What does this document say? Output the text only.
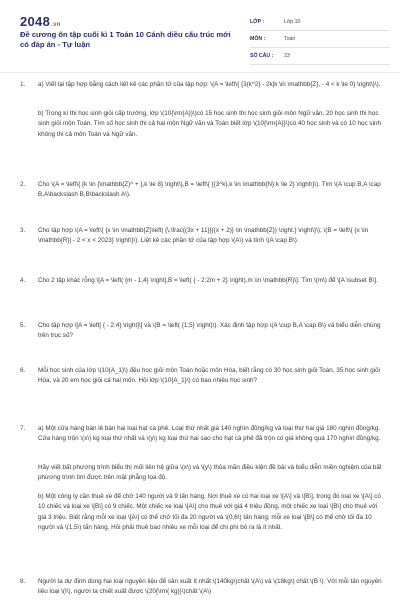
2048.vn
Đề cương ôn tập cuối kì 1 Toán 10 Cánh diều cấu trúc mới có đáp án - Tự luận
LỚP :	Lớp 10
MÔN :	Toán
SỐ CÂU :	23
1. a) Viết lại tập hợp bằng cách liệt kê các phần tử của tập hợp: \(A = \left\{ {3(k^2} - 2k|k \in \mathbb{Z}, - 4 < k \le 0} \right\}\).
b) Trong kì thi học sinh giỏi cấp trường, lớp \(10{\rm{A}}\)có 15 học sinh thi học sinh giỏi môn Ngữ văn, 20 học sinh thi học sinh giỏi môn Toán. Tìm số học sinh thi cả hai môn Ngữ văn và Toán biết lớp \(10{\rm{A}}\)có 40 học sinh và có 10 học sinh không thi cả môn Toán và Ngữ văn.
2. Cho \(A = \left\{ {k \in {\mathbb{Z}^ + },k \le 8} \right\},B = \left\{ {{3^k},k \in \mathbb{N}:k \le 2} \right\}\). Tìm \(A \cup B,A \cap B,A\backslash B,B\backslash A\).
3. Cho tập hợp \(A = \left\{ {x \in \mathbb{Z}\left| {\,\frac{(3x + 11}}{(x + 2)} \in \mathbb{Z}} \right.} \right\}\); \(B = \left\{ {x \in \mathbb{R}| - 2 < x < 2023} \right\}\). Liệt kê các phần tử của tập hợp \(A\) và tính \(A \cap B\).
4. Cho 2 tập khác rỗng \[A = \left( {m - 1;4} \right],B = \left( { - 2;2m + 2} \right),m \in \mathbb{R}\]. Tìm \(m\) để \[A \subset B\].
5. Cho tập hợp \[A = \left[ { - 2;4} \right]\] và \(B = \left( {1;5} \right)\). Xác định tập hợp \(A \cup B,A \cap B\) và biểu diễn chúng trên trục số?
6. Mỗi học sinh của lớp \(10{A_1}\) đều học giỏi môn Toán hoặc môn Hóa, biết rằng có 30 học sinh giỏi Toán, 35 học sinh giỏi Hóa, và 20 em học giỏi cả hai môn. Hỏi lớp \(10{A_1}\) có bao nhiêu học sinh?
7. a) Một cửa hàng bán lẻ bán hai loại hạt cà phê. Loại thứ nhất giá 140 nghìn đồng/kg và loại thứ hai giá 180 nghìn đồng/kg. Cửa hàng trộn \(x\) kg loại thứ nhất và \(y\) kg loại thứ hai sao cho hạt cà phê đã trộn có giá không quá 170 nghìn đồng/kg.
Hãy viết bất phương trình biểu thị mối liên hệ giữa \(x\) và \(y\) thỏa mãn điều kiện đề bài và biểu diễn miền nghiệm của bất phương trình tìm được trên mặt phẳng tọa độ.
b) Một công ty cần thuê xe để chở 140 người và 9 tấn hàng. Nơi thuê xe có hai loại xe \[A\] và \[B\], trong đó loại xe \[A\] có 10 chiếc và loại xe \[B\] có 9 chiếc. Một chiếc xe loại \[A\] cho thuê với giá 4 triệu đồng, một chiếc xe loại \[B\] cho thuê với giá 3 triệu. Biết rằng mỗi xe loại \[A\] có thể chở tối đa 20 người và \(0,6\) tấn hàng; mỗi xe loại \[B\] có thể chở tối đa 10 người và \(1,5\) tấn hàng. Hỏi phải thuê bao nhiêu xe mỗi loại để chi phí bỏ ra là ít nhất.
8. Người ta dự định dùng hai loại nguyên liệu để sản xuất ít nhất \(140kg\)chất \(A\) và \(18kg\) chất \(B \). Với mỗi tấn nguyên liệu loại \(I\), người ta chiết xuất được \(20{\rm{ kg}}\)chất \(A\)
